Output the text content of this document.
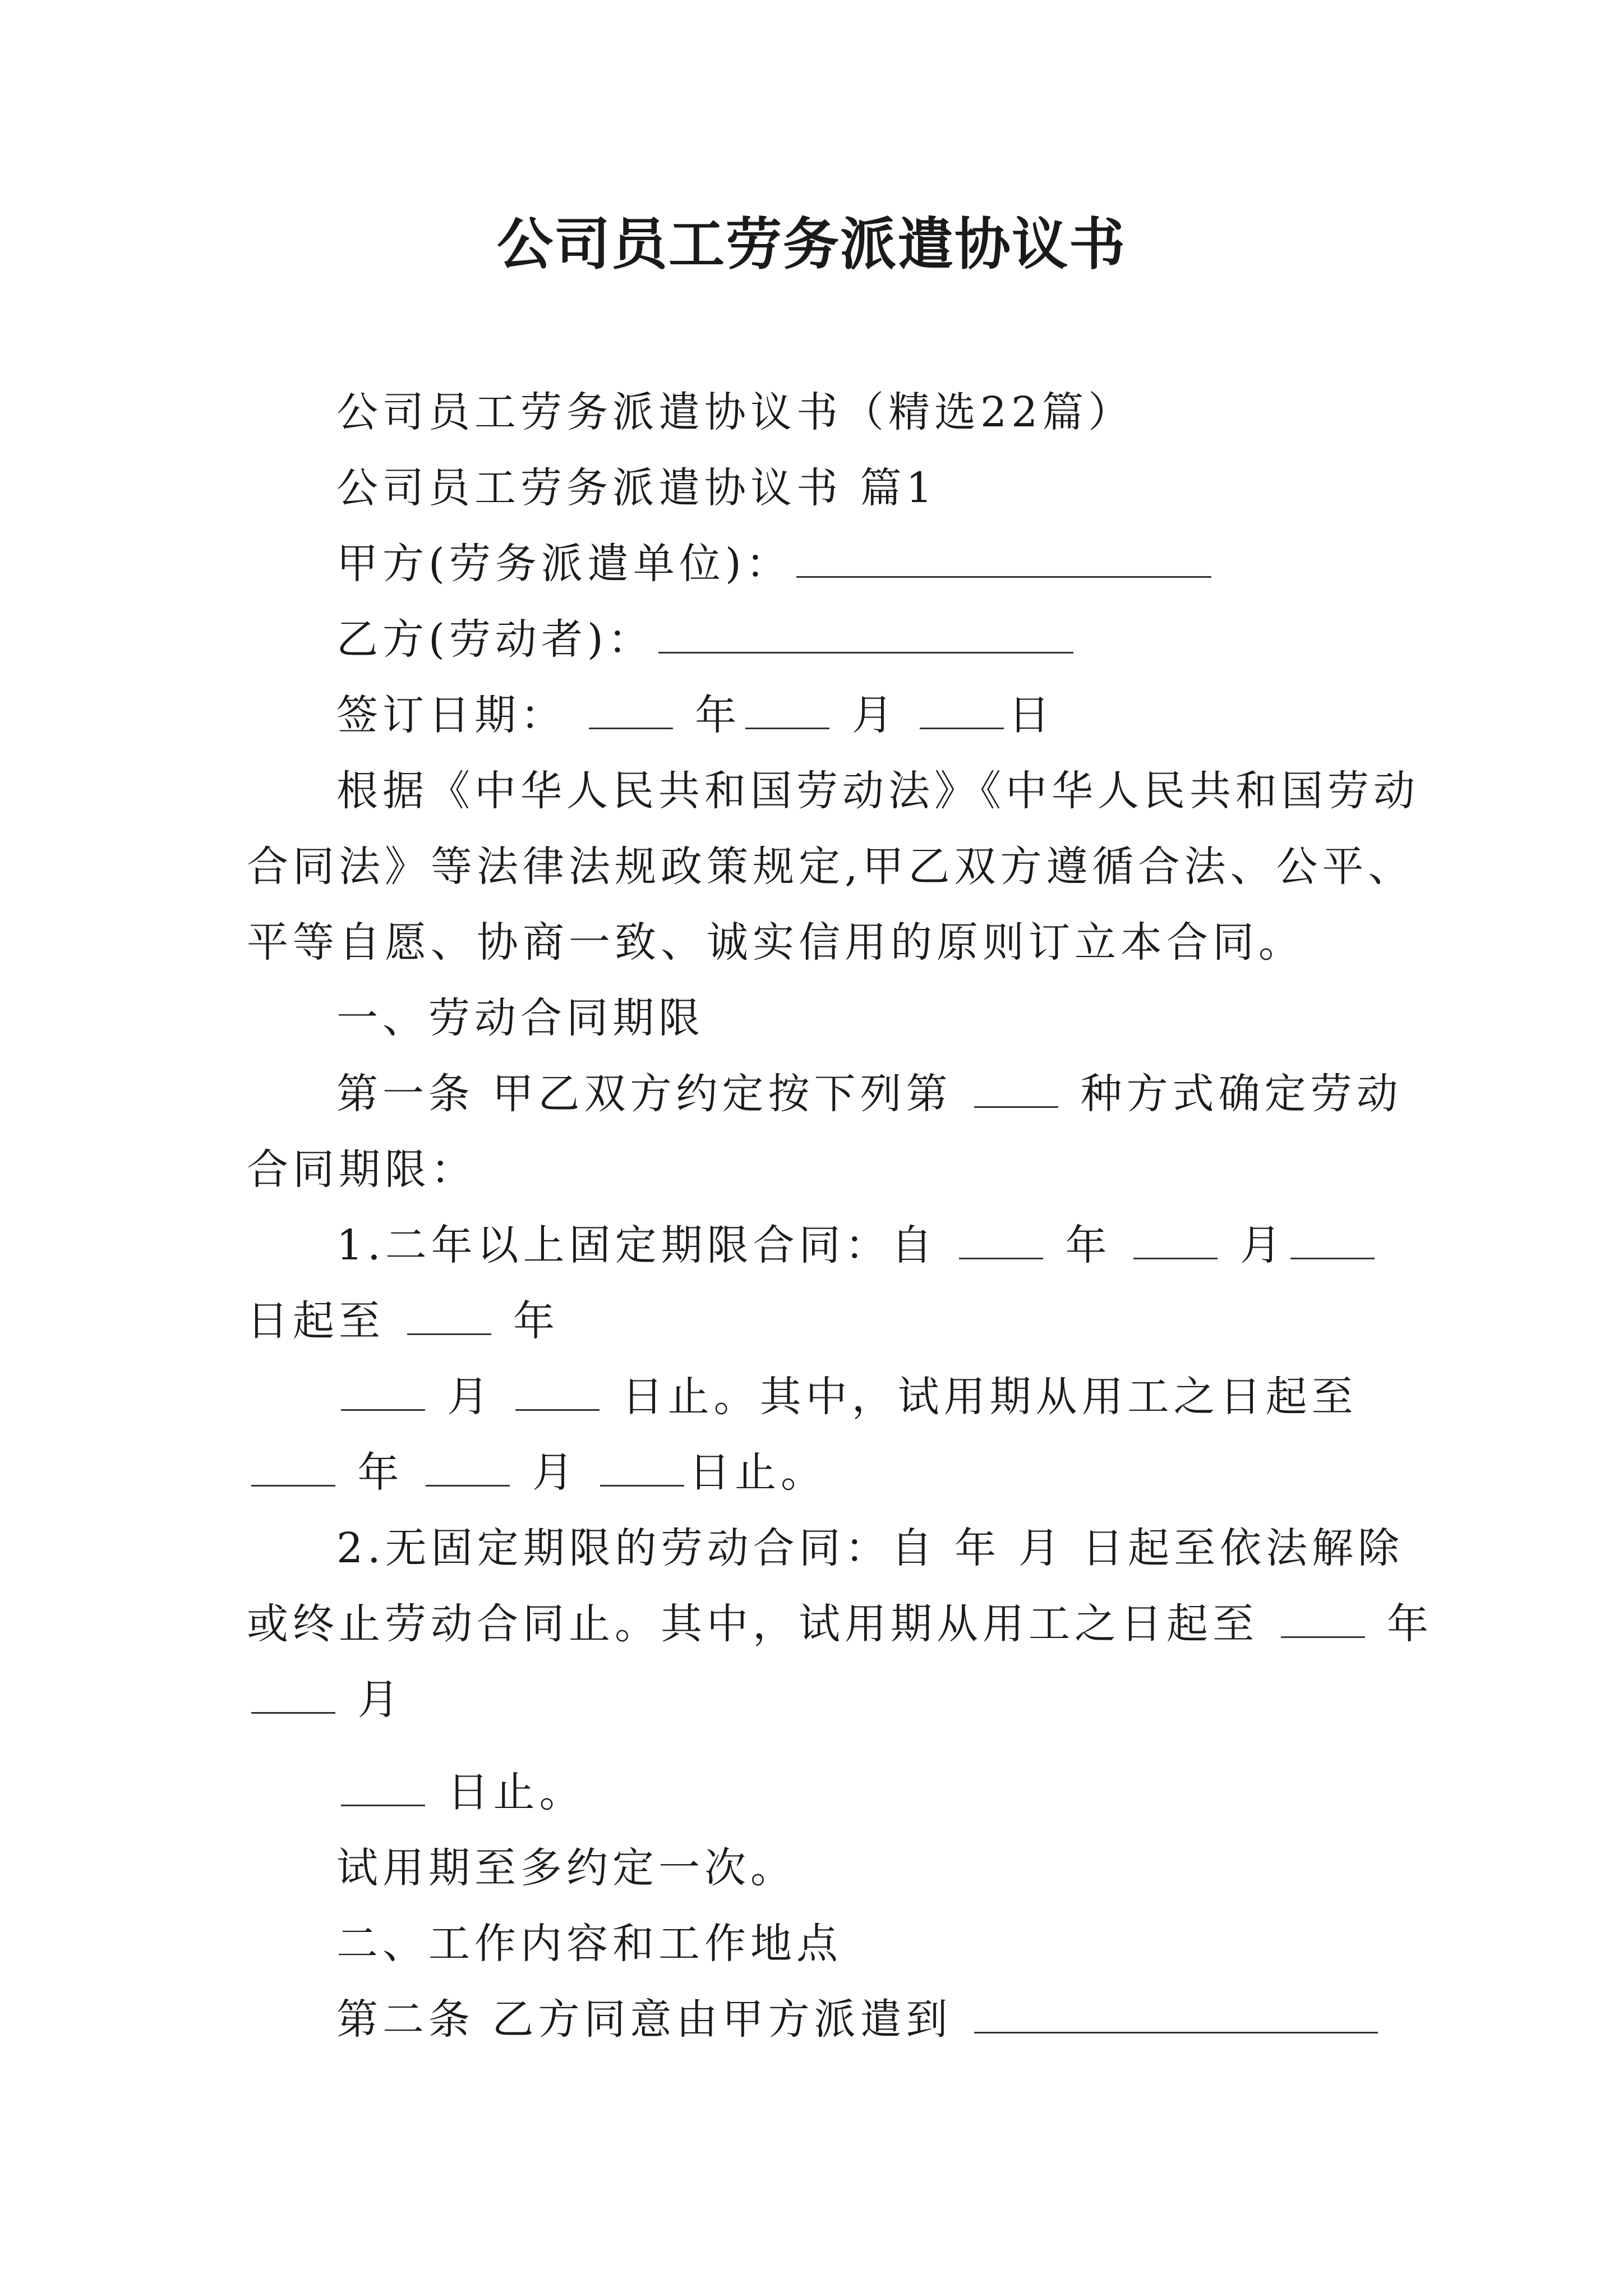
公司员工劳务派遣协议书
公司员工劳务派遣协议书（精选22篇）
公司员工劳务派遣协议书 篇1
甲方(劳务派遣单位)：
乙方(劳动者)：
签订日期：	年	月	日
根据《中华人民共和国劳动法》《中华人民共和国劳动
合同法》等法律法规政策规定,甲乙双方遵循合法、公平、
平等自愿、协商一致、诚实信用的原则订立本合同。
一、劳动合同期限
第一条 甲乙双方约定按下列第	种方式确定劳动
合同期限：
1.二年以上固定期限合同：自	年	月
日起至	年
月	日止。其中，试用期从用工之日起至
年	月	日止。
2.无固定期限的劳动合同：自 年 月 日起至依法解除
或终止劳动合同止。其中，试用期从用工之日起至	年
月
日止。
试用期至多约定一次。
二、工作内容和工作地点
第二条 乙方同意由甲方派遣到
